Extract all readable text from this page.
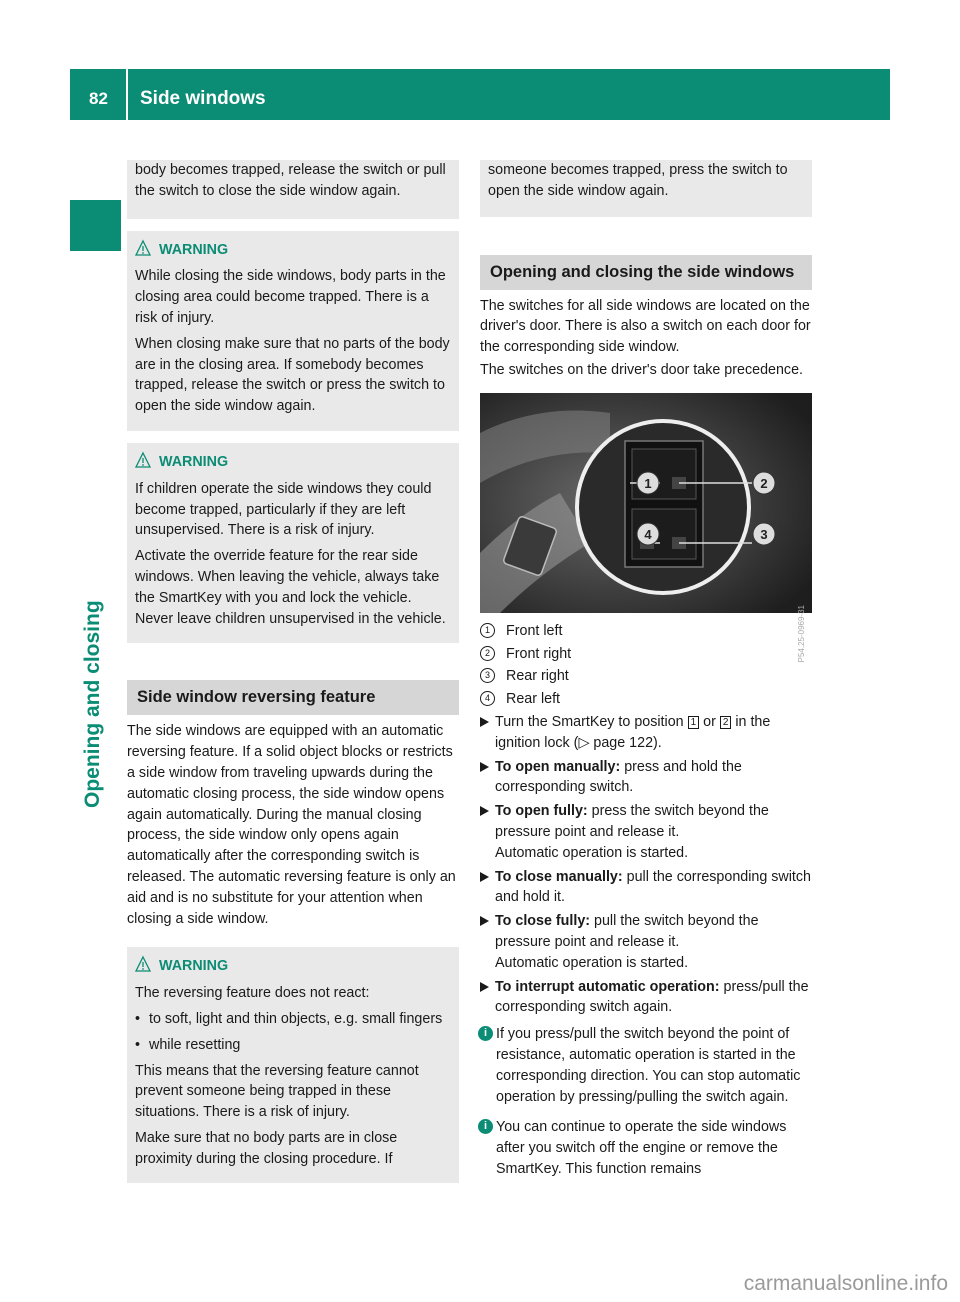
82	Side windows
Opening and closing

body becomes trapped, release the switch or pull the switch to close the side window again.

WARNING

While closing the side windows, body parts in the closing area could become trapped. There is a risk of injury.

When closing make sure that no parts of the body are in the closing area. If somebody becomes trapped, release the switch or press the switch to open the side window again.

WARNING

If children operate the side windows they could become trapped, particularly if they are left unsupervised. There is a risk of injury.

Activate the override feature for the rear side windows. When leaving the vehicle, always take the SmartKey with you and lock the vehicle. Never leave children unsupervised in the vehicle.

Side window reversing feature

The side windows are equipped with an automatic reversing feature. If a solid object blocks or restricts a side window from traveling upwards during the automatic closing process, the side window opens again automatically. During the manual closing process, the side window only opens again automatically after the corresponding switch is released. The automatic reversing feature is only an aid and is no substitute for your attention when closing a side window.

WARNING

The reversing feature does not react:

• to soft, light and thin objects, e.g. small fingers

• while resetting

This means that the reversing feature cannot prevent someone being trapped in these situations. There is a risk of injury.

Make sure that no body parts are in close proximity during the closing procedure. If

someone becomes trapped, press the switch to open the side window again.

Opening and closing the side windows

The switches for all side windows are located on the driver's door. There is also a switch on each door for the corresponding side window.

The switches on the driver's door take precedence.

1	2
3
4
P54.25-0969-31

1	Front left

2	Front right

3	Rear right

4	Rear left

Turn the SmartKey to position 1 or 2 in the ignition lock (▷ page 122).

To open manually: press and hold the corresponding switch.

To open fully: press the switch beyond the pressure point and release it.
Automatic operation is started.

To close manually: pull the corresponding switch and hold it.

To close fully: pull the switch beyond the pressure point and release it.
Automatic operation is started.

To interrupt automatic operation: press/pull the corresponding switch again.

i If you press/pull the switch beyond the point of resistance, automatic operation is started in the corresponding direction. You can stop automatic operation by pressing/pulling the switch again.

i You can continue to operate the side windows after you switch off the engine or remove the SmartKey. This function remains

carmanualsonline.info
